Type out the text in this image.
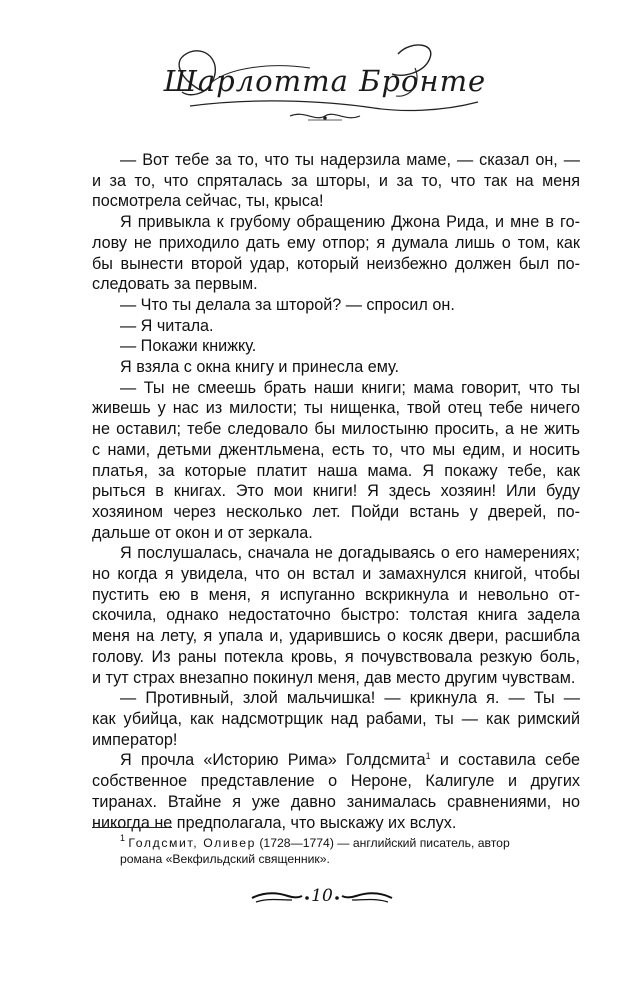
Шарлотта Бронте
— Вот тебе за то, что ты надерзила маме, — сказал он, —
и за то, что спряталась за шторы, и за то, что так на меня
посмотрела сейчас, ты, крыса!
Я привыкла к грубому обращению Джона Рида, и мне в го-
лову не приходило дать ему отпор; я думала лишь о том, как
бы вынести второй удар, который неизбежно должен был по-
следовать за первым.
— Что ты делала за шторой? — спросил он.
— Я читала.
— Покажи книжку.
Я взяла с окна книгу и принесла ему.
— Ты не смеешь брать наши книги; мама говорит, что ты
живешь у нас из милости; ты нищенка, твой отец тебе ничего
не оставил; тебе следовало бы милостыню просить, а не жить
с нами, детьми джентльмена, есть то, что мы едим, и носить
платья, за которые платит наша мама. Я покажу тебе, как
рыться в книгах. Это мои книги! Я здесь хозяин! Или буду
хозяином через несколько лет. Пойди встань у дверей, по-
дальше от окон и от зеркала.
Я послушалась, сначала не догадываясь о его намерениях;
но когда я увидела, что он встал и замахнулся книгой, чтобы
пустить ею в меня, я испуганно вскрикнула и невольно от-
скочила, однако недостаточно быстро: толстая книга задела
меня на лету, я упала и, ударившись о косяк двери, расшибла
голову. Из раны потекла кровь, я почувствовала резкую боль,
и тут страх внезапно покинул меня, дав место другим чувствам.
— Противный, злой мальчишка! — крикнула я. — Ты —
как убийца, как надсмотрщик над рабами, ты — как римский
император!
Я прочла «Историю Рима» Голдсмита$^1$ и составила себе
собственное представление о Нероне, Калигуле и других
тиранах. Втайне я уже давно занималась сравнениями, но
никогда не предполагала, что выскажу их вслух.
$^1$ Голдсмит, Оливер (1728—1774) — английский писатель, автор
романа «Векфильдский священник».
10
